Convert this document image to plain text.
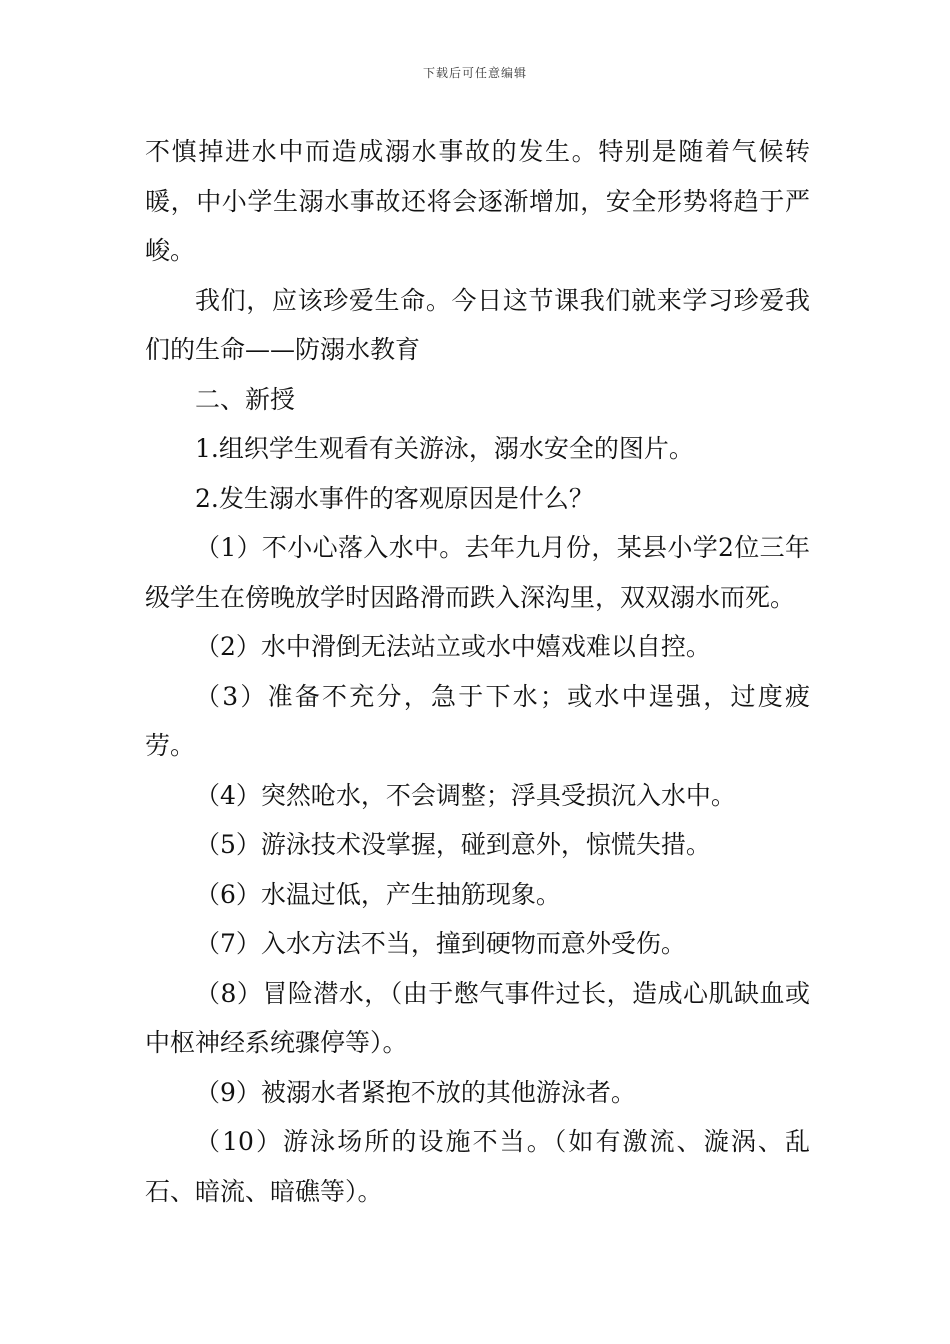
下载后可任意编辑

不慎掉进水中而造成溺水事故的发生。特别是随着气候转暖，中小学生溺水事故还将会逐渐增加，安全形势将趋于严峻。

我们，应该珍爱生命。今日这节课我们就来学习珍爱我们的生命——防溺水教育

二、新授

1.组织学生观看有关游泳，溺水安全的图片。

2.发生溺水事件的客观原因是什么？

（1）不小心落入水中。去年九月份，某县小学2位三年级学生在傍晚放学时因路滑而跌入深沟里，双双溺水而死。

（2）水中滑倒无法站立或水中嬉戏难以自控。

（3）准备不充分，急于下水；或水中逞强，过度疲劳。

（4）突然呛水，不会调整；浮具受损沉入水中。

（5）游泳技术没掌握，碰到意外，惊慌失措。

（6）水温过低，产生抽筋现象。

（7）入水方法不当，撞到硬物而意外受伤。

（8）冒险潜水，（由于憋气事件过长，造成心肌缺血或中枢神经系统骤停等）。

（9）被溺水者紧抱不放的其他游泳者。

（10）游泳场所的设施不当。（如有激流、漩涡、乱石、暗流、暗礁等）。
